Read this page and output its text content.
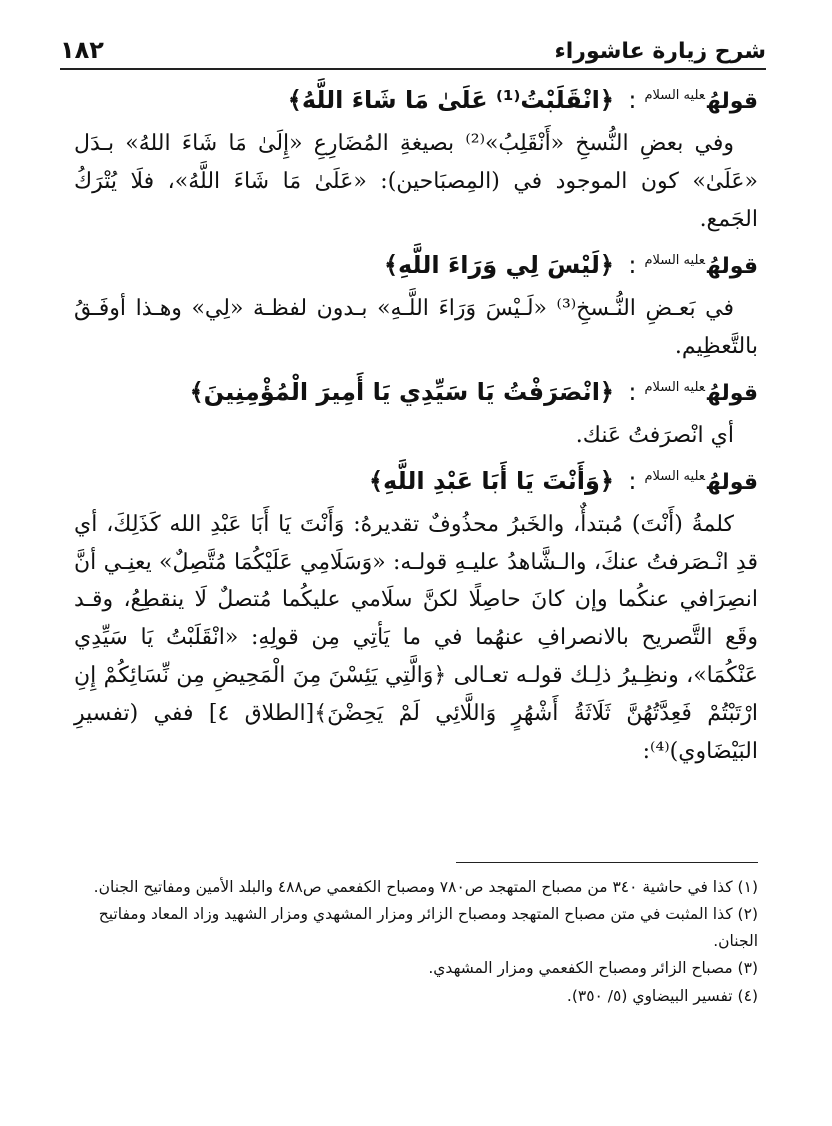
شرح زيارة عاشوراء
١٨٢
قولهُ$^{عليه السلام}$: ﴿انْقَلَبْتُ⁽¹⁾ عَلَىٰ مَا شَاءَ اللَّهُ﴾

وفي بعضِ النُّسخِ «أَنْقَلِبُ»⁽²⁾ بصيغةِ المُضَارِعِ «إِلَىٰ مَا شَاءَ اللهُ» بـدَل «عَلَىٰ» كون الموجود في (المِصبَاحين): «عَلَىٰ مَا شَاءَ اللَّهُ»، فلَا يُتْرَكُ الجَمع.

قولهُ$^{عليه السلام}$: ﴿لَيْسَ لِي وَرَاءَ اللَّهِ﴾

في بَعـضِ النُّـسخِ⁽³⁾ «لَـيْسَ وَرَاءَ اللَّـهِ» بـدون لفظـة «لِي» وهـذا أوفَـقُ بالتَّعظِيم.

قولهُ$^{عليه السلام}$: ﴿انْصَرَفْتُ يَا سَيِّدِي يَا أَمِيرَ الْمُؤْمِنِينَ﴾

أي انْصرَفتُ عَنك.

قولهُ$^{عليه السلام}$: ﴿وَأَنْتَ يَا أَبَا عَبْدِ اللَّهِ﴾

كلمةُ (أَنْتَ) مُبتدأٌ، والخَبرُ محذُوفٌ تقديرهُ: وَأَنْتَ يَا أَبَا عَبْدِ الله كَذَلِكَ، أي قدِ انْـصَرفتُ عنكَ، والـشَّاهدُ عليـهِ قولـه: «وَسَلَامِي عَلَيْكُمَا مُتَّصِلٌ» يعنِـي أنَّ انصِرَافي عنكُما وإن كانَ حاصِلًا لكنَّ سلَامي عليكُما مُتصلٌ لَا ينقطِعُ، وقـد وقَع التَّصريح بالانصرافِ عنهُما في ما يَأتِي مِن قولِهِ: «انْقَلَبْتُ يَا سَيِّدِي عَنْكُمَا»، ونظِـيرُ ذلِـك قولـه تعـالى ﴿وَالَّتِي يَئِسْنَ مِنَ الْمَحِيضِ مِن نِّسَائِكُمْ إِنِ ارْتَبْتُمْ فَعِدَّتُهُنَّ ثَلَاثَةُ أَشْهُرٍ وَاللَّائِي لَمْ يَحِضْنَ﴾[الطلاق ٤] ففي (تفسيرِ البَيْضَاوي)⁽⁴⁾:

(١) كذا في حاشية ٣٤٠ من مصباح المتهجد ص٧٨٠ ومصباح الكفعمي ص٤٨٨ والبلد الأمين ومفاتيح الجنان.

(٢) كذا المثبت في متن مصباح المتهجد ومصباح الزائر ومزار المشهدي ومزار الشهيد وزاد المعاد ومفاتيح الجنان.

(٣) مصباح الزائر ومصباح الكفعمي ومزار المشهدي.

(٤) تفسير البيضاوي (٥/ ٣٥٠).
